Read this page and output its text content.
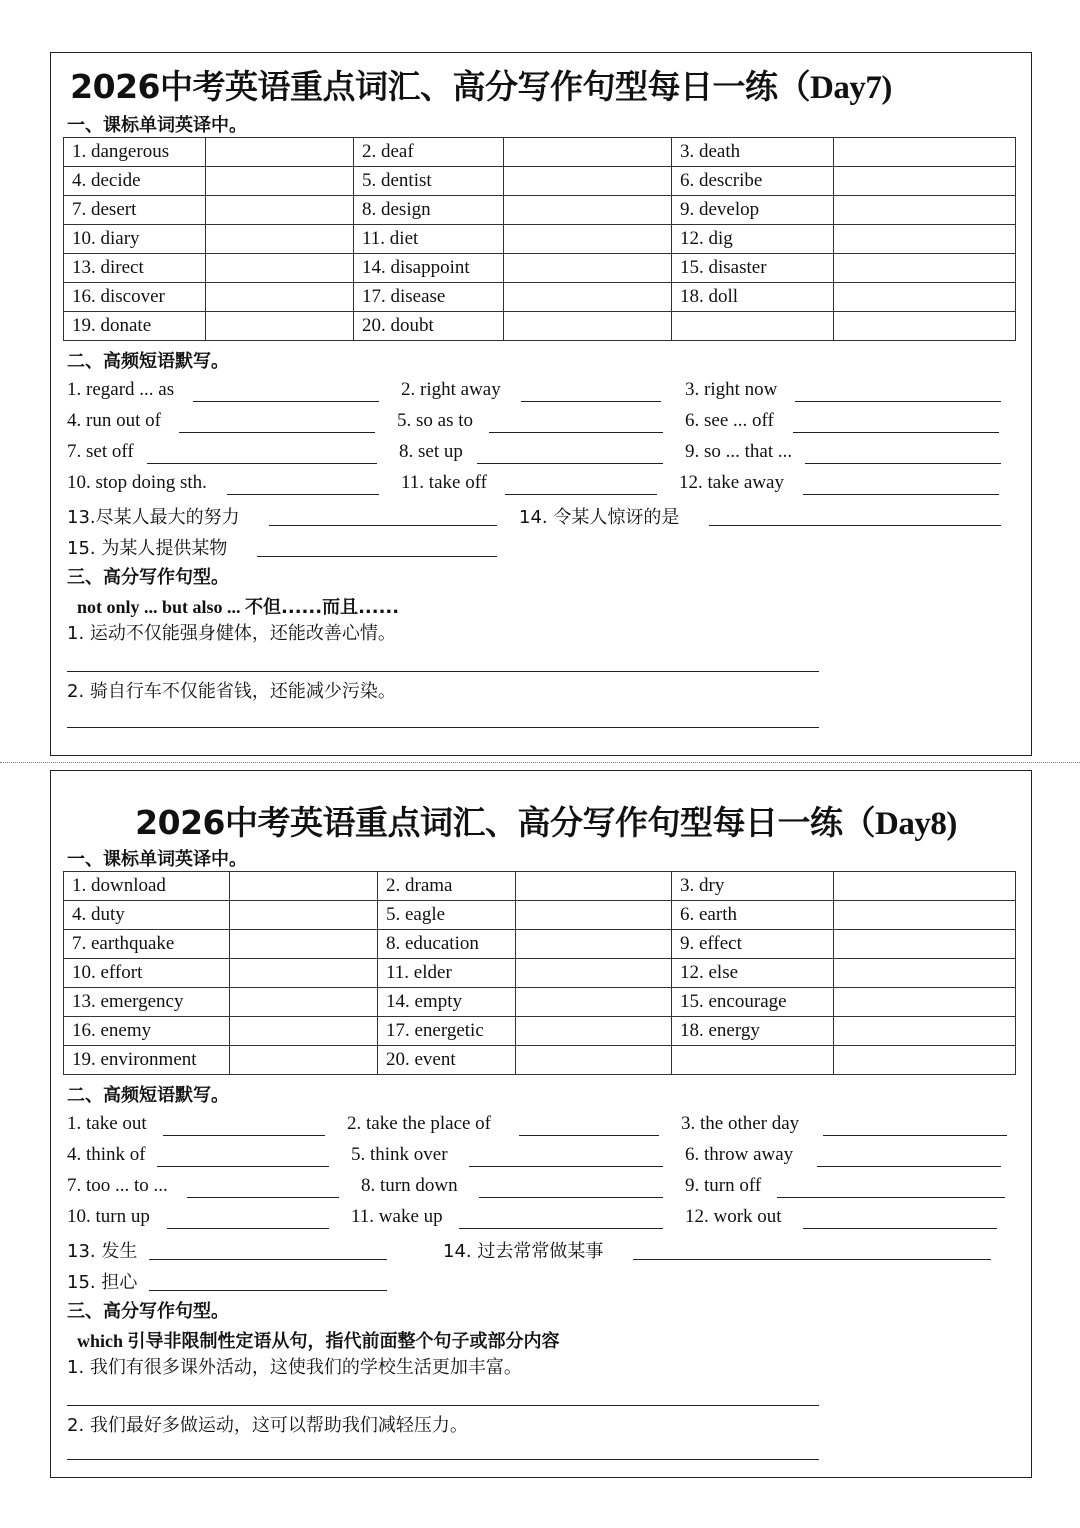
2026中考英语重点词汇、高分写作句型每日一练（Day7)
一、课标单词英译中。
1. dangerous		2. deaf		3. death	
4. decide		5. dentist		6. describe	
7. desert		8. design		9. develop	
10. diary		11. diet		12. dig	
13. direct		14. disappoint		15. disaster	
16. discover		17. disease		18. doll	
19. donate		20. doubt			
二、高频短语默写。
1. regard ... as	2. right away	3. right now
4. run out of	5. so as to	6. see ... off
7. set off	8. set up	9. so ... that ...
10. stop doing sth.	11. take off	12. take away
13.尽某人最大的努力	14. 令某人惊讶的是
15. 为某人提供某物
三、高分写作句型。
not only ... but also ... 不但......而且......
1. 运动不仅能强身健体，还能改善心情。
2. 骑自行车不仅能省钱，还能减少污染。
2026中考英语重点词汇、高分写作句型每日一练（Day8)
一、课标单词英译中。
1. download		2. drama		3. dry	
4. duty		5. eagle		6. earth	
7. earthquake		8. education		9. effect	
10. effort		11. elder		12. else	
13. emergency		14. empty		15. encourage	
16. enemy		17. energetic		18. energy	
19. environment		20. event			
二、高频短语默写。
1. take out	2. take the place of	3. the other day
4. think of	5. think over	6. throw away
7. too ... to ...	8. turn down	9. turn off
10. turn up	11. wake up	12. work out
13. 发生	14. 过去常常做某事
15. 担心
三、高分写作句型。
which 引导非限制性定语从句，指代前面整个句子或部分内容
1. 我们有很多课外活动，这使我们的学校生活更加丰富。
2. 我们最好多做运动，这可以帮助我们减轻压力。
